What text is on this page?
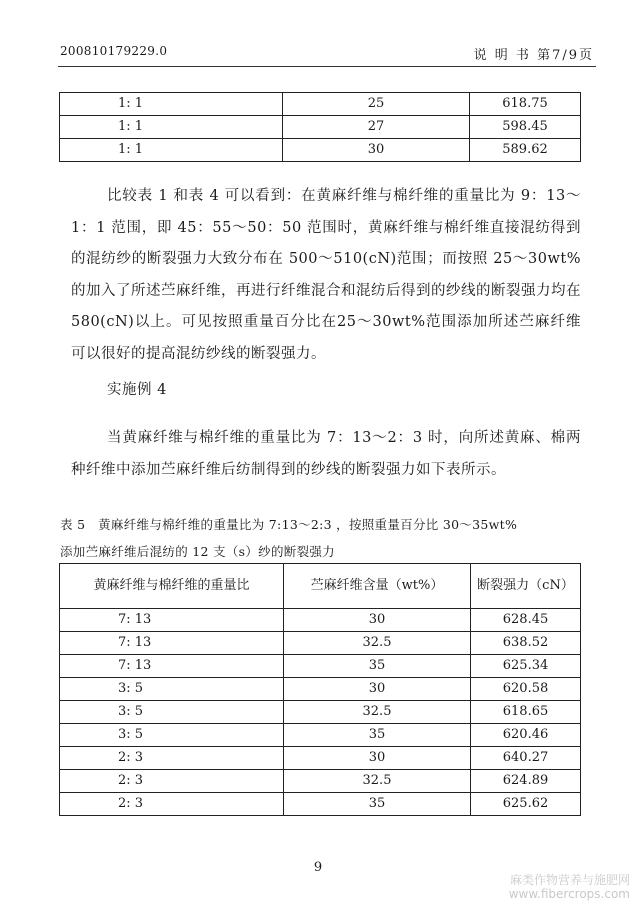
200810179229.0	说 明 书 第7/9页
1: 1	25	618.75
1: 1	27	598.45
1: 1	30	589.62
比较表 1 和表 4 可以看到：在黄麻纤维与棉纤维的重量比为 9：13～1：1 范围，即 45：55～50：50 范围时，黄麻纤维与棉纤维直接混纺得到的混纺纱的断裂强力大致分布在 500～510(cN)范围；而按照 25～30wt%的加入了所述苎麻纤维，再进行纤维混合和混纺后得到的纱线的断裂强力均在 580(cN)以上。可见按照重量百分比在25～30wt%范围添加所述苎麻纤维可以很好的提高混纺纱线的断裂强力。
实施例 4
当黄麻纤维与棉纤维的重量比为 7：13～2：3 时，向所述黄麻、棉两种纤维中添加苎麻纤维后纺制得到的纱线的断裂强力如下表所示。
表 5　黄麻纤维与棉纤维的重量比为 7:13～2:3 ，按照重量百分比 30～35wt%
添加苎麻纤维后混纺的 12 支（s）纱的断裂强力
黄麻纤维与棉纤维的重量比	苎麻纤维含量（wt%）	断裂强力（cN）
7: 13	30	628.45
7: 13	32.5	638.52
7: 13	35	625.34
3: 5	30	620.58
3: 5	32.5	618.65
3: 5	35	620.46
2: 3	30	640.27
2: 3	32.5	624.89
2: 3	35	625.62
9
麻类作物营养与施肥网
www.fibercrops.com
